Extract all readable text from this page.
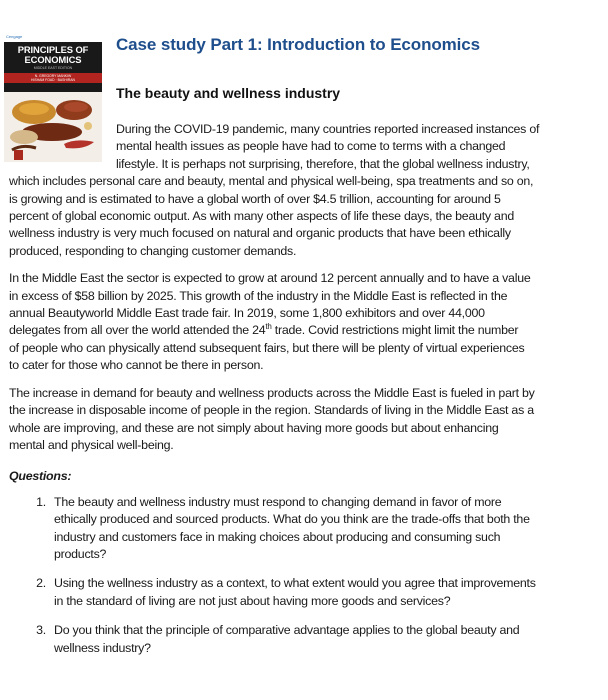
Cengage
PRINCIPLES OF
ECONOMICS
MIDDLE EAST EDITION
N. GREGORY MANKIW
HISHAM FOAD · BASHIRAN
Case study Part 1: Introduction to Economics
The beauty and wellness industry
During the COVID-19 pandemic, many countries reported increased instances of
mental health issues as people have had to come to terms with a changed
lifestyle. It is perhaps not surprising, therefore, that the global wellness industry,
which includes personal care and beauty, mental and physical well-being, spa treatments and so on,
is growing and is estimated to have a global worth of over $4.5 trillion, accounting for around 5
percent of global economic output. As with many other aspects of life these days, the beauty and
wellness industry is very much focused on natural and organic products that have been ethically
produced, responding to changing customer demands.
In the Middle East the sector is expected to grow at around 12 percent annually and to have a value
in excess of $58 billion by 2025. This growth of the industry in the Middle East is reflected in the
annual Beautyworld Middle East trade fair. In 2019, some 1,800 exhibitors and over 44,000
delegates from all over the world attended the 24th trade. Covid restrictions might limit the number
of people who can physically attend subsequent fairs, but there will be plenty of virtual experiences
to cater for those who cannot be there in person.
The increase in demand for beauty and wellness products across the Middle East is fueled in part by
the increase in disposable income of people in the region. Standards of living in the Middle East as a
whole are improving, and these are not simply about having more goods but about enhancing
mental and physical well-being.
Questions:
1. The beauty and wellness industry must respond to changing demand in favor of more
ethically produced and sourced products. What do you think are the trade-offs that both the
industry and customers face in making choices about producing and consuming such
products?
2. Using the wellness industry as a context, to what extent would you agree that improvements
in the standard of living are not just about having more goods and services?
3. Do you think that the principle of comparative advantage applies to the global beauty and
wellness industry?
